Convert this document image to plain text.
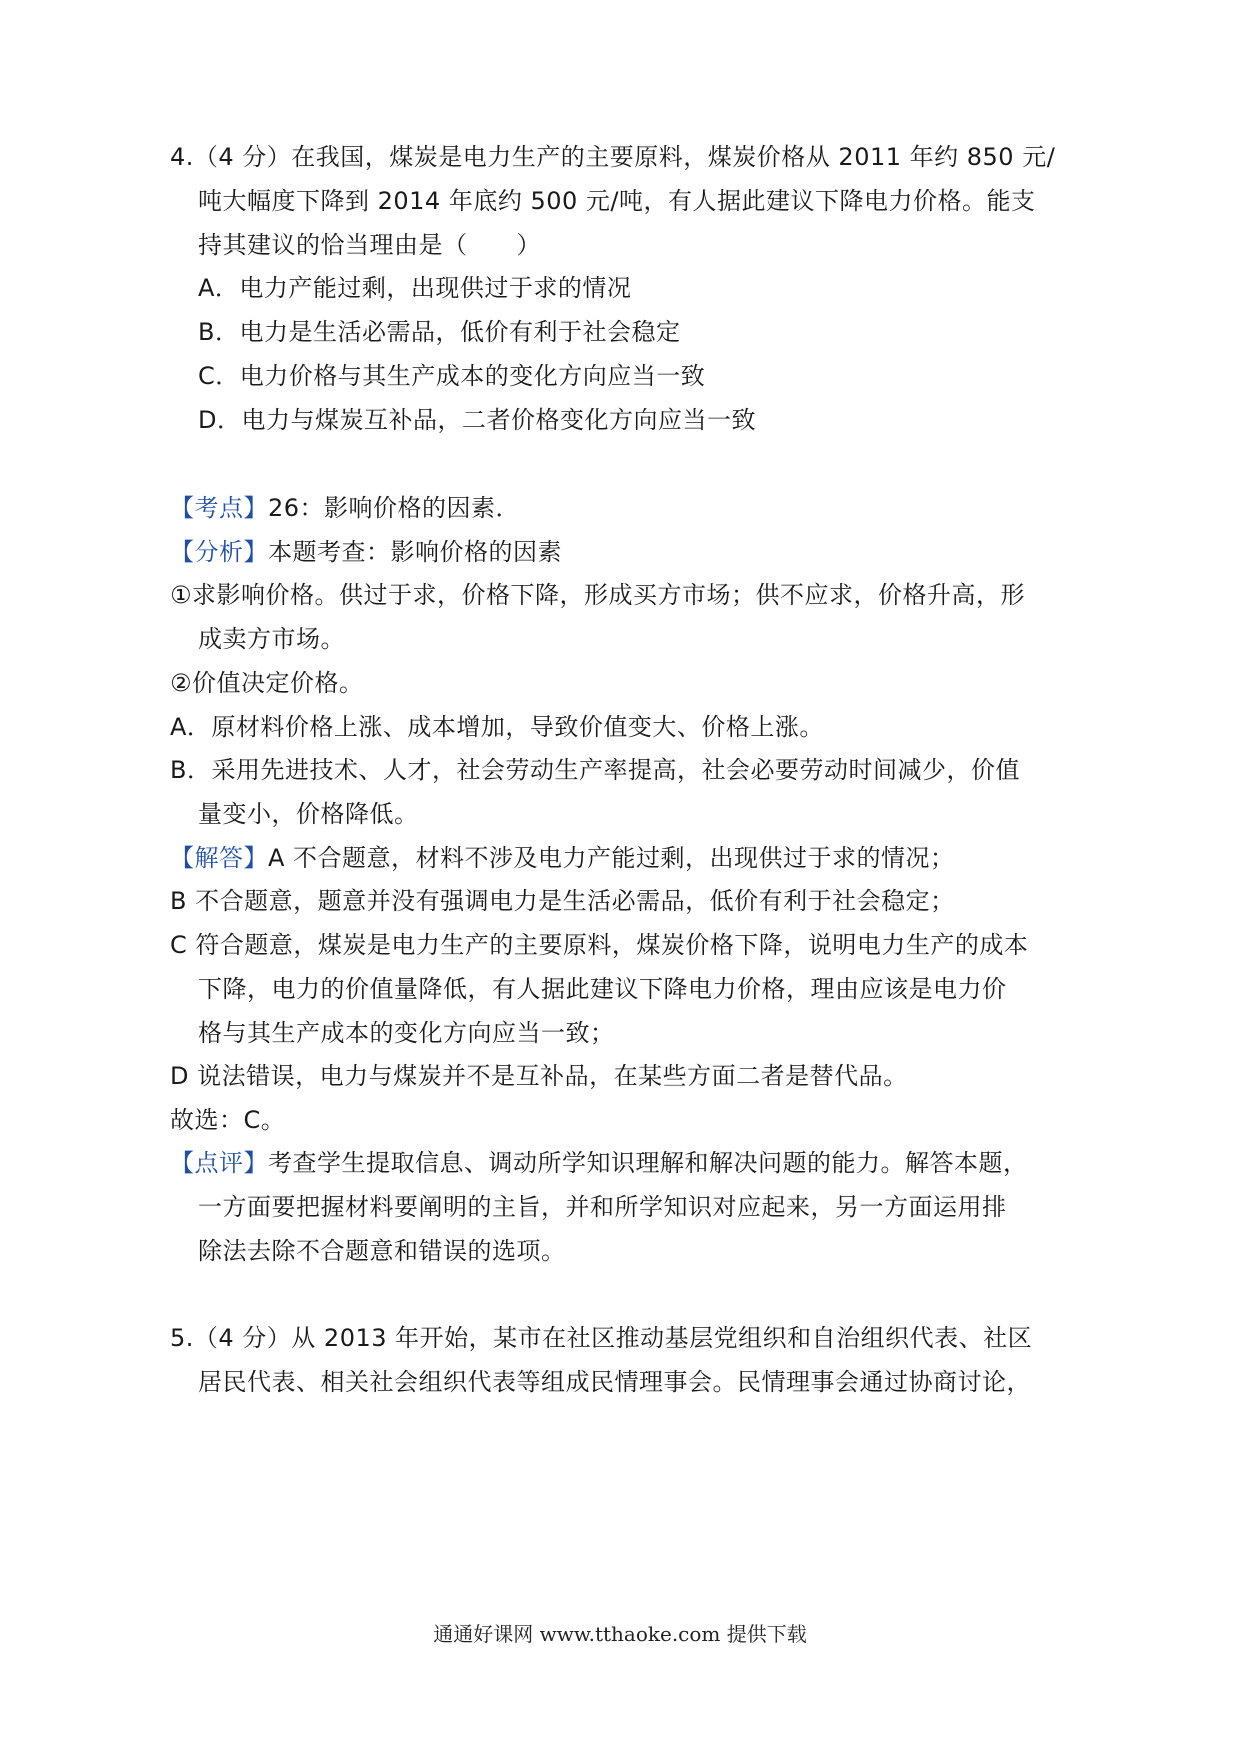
4.（4 分）在我国，煤炭是电力生产的主要原料，煤炭价格从 2011 年约 850 元/
吨大幅度下降到 2014 年底约 500 元/吨，有人据此建议下降电力价格。能支
持其建议的恰当理由是（　　）
A．电力产能过剩，出现供过于求的情况
B．电力是生活必需品，低价有利于社会稳定
C．电力价格与其生产成本的变化方向应当一致
D．电力与煤炭互补品，二者价格变化方向应当一致
【考点】26：影响价格的因素．
【分析】本题考查：影响价格的因素
①求影响价格。供过于求，价格下降，形成买方市场；供不应求，价格升高，形
成卖方市场。
②价值决定价格。
A．原材料价格上涨、成本增加，导致价值变大、价格上涨。
B．采用先进技术、人才，社会劳动生产率提高，社会必要劳动时间减少，价值
量变小，价格降低。
【解答】A 不合题意，材料不涉及电力产能过剩，出现供过于求的情况；
B 不合题意，题意并没有强调电力是生活必需品，低价有利于社会稳定；
C 符合题意，煤炭是电力生产的主要原料，煤炭价格下降，说明电力生产的成本
下降，电力的价值量降低，有人据此建议下降电力价格，理由应该是电力价
格与其生产成本的变化方向应当一致；
D 说法错误，电力与煤炭并不是互补品，在某些方面二者是替代品。
故选：C。
【点评】考查学生提取信息、调动所学知识理解和解决问题的能力。解答本题，
一方面要把握材料要阐明的主旨，并和所学知识对应起来，另一方面运用排
除法去除不合题意和错误的选项。
5.（4 分）从 2013 年开始，某市在社区推动基层党组织和自治组织代表、社区
居民代表、相关社会组织代表等组成民情理事会。民情理事会通过协商讨论，
通通好课网 www.tthaoke.com 提供下载
